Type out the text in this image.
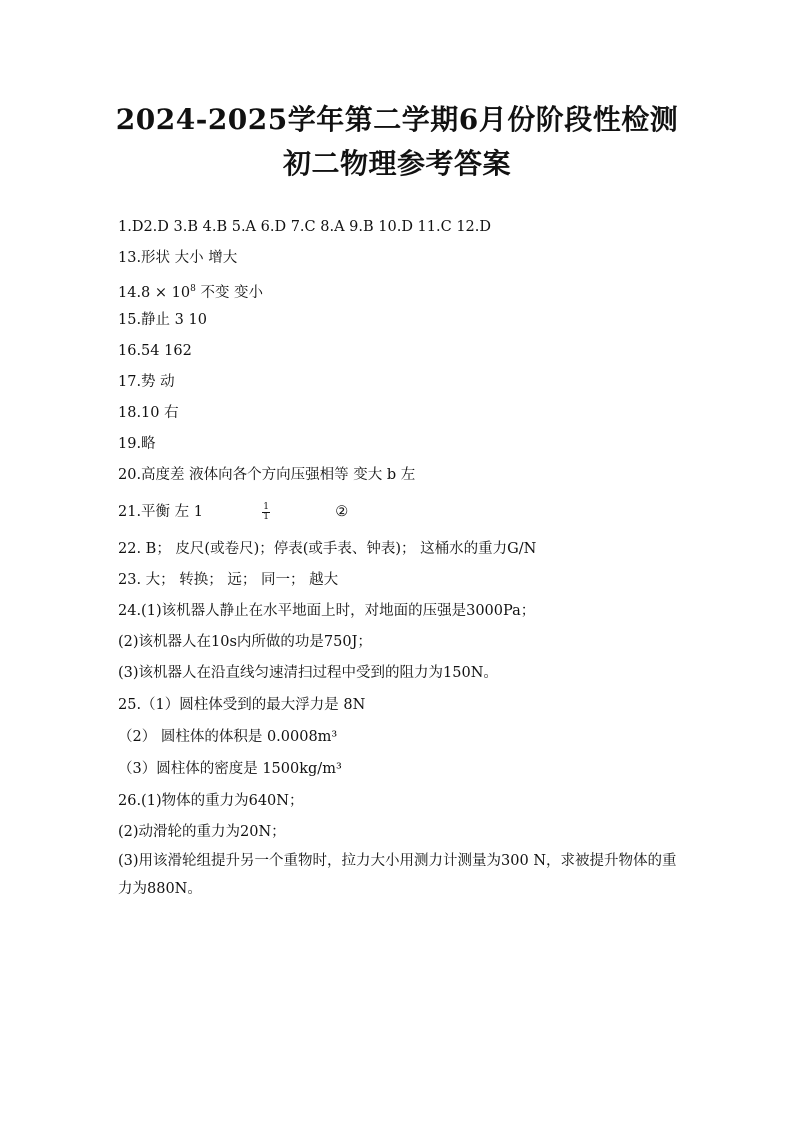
2024-2025学年第二学期6月份阶段性检测
初二物理参考答案
1.D2.D 3.B 4.B 5.A 6.D 7.C 8.A 9.B 10.D 11.C 12.D
13.形状 大小 增大
$14.8 \times 10^8$ 不变 变小
15.静止 3 10
16.54 162
17.势 动
18.10 右
19.略
20.高度差 液体向各个方向压强相等 变大 b 左
21.平衡 左 1	$\frac{1}{1}$	②
22. B； 皮尺(或卷尺)；停表(或手表、钟表)； 这桶水的重力G/N
23. 大； 转换； 远； 同一； 越大
24.(1)该机器人静止在水平地面上时，对地面的压强是3000Pa；
(2)该机器人在10s内所做的功是750J；
(3)该机器人在沿直线匀速清扫过程中受到的阻力为150N。
25.（1）圆柱体受到的最大浮力是 8N
（2） 圆柱体的体积是 0.0008m³
（3）圆柱体的密度是 1500kg/m³
26.(1)物体的重力为640N；
(2)动滑轮的重力为20N；
(3)用该滑轮组提升另一个重物时，拉力大小用测力计测量为300 N，求被提升物体的重力为880N。
